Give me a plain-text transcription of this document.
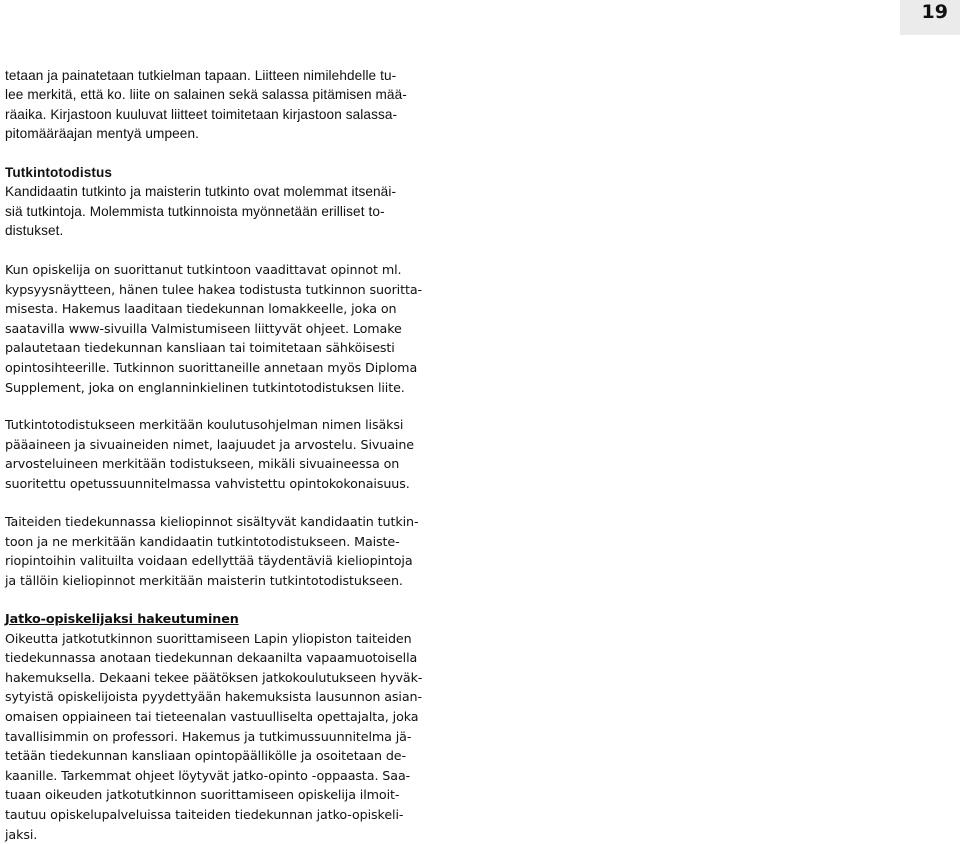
19
tetaan ja painatetaan tutkielman tapaan. Liitteen nimilehdelle tu-
lee merkitä, että ko. liite on salainen sekä salassa pitämisen mää-
räaika. Kirjastoon kuuluvat liitteet toimitetaan kirjastoon salassa-
pitomääräajan mentyä umpeen.
Tutkintotodistus
Kandidaatin tutkinto ja maisterin tutkinto ovat molemmat itsenäi-
siä tutkintoja. Molemmista tutkinnoista myönnetään erilliset to-
distukset.
Kun opiskelija on suorittanut tutkintoon vaadittavat opinnot ml.
kypsyysnäytteen, hänen tulee hakea todistusta tutkinnon suoritta-
misesta. Hakemus laaditaan tiedekunnan lomakkeelle, joka on
saatavilla www-sivuilla Valmistumiseen liittyvät ohjeet. Lomake
palautetaan tiedekunnan kansliaan tai toimitetaan sähköisesti
opintosihteerille. Tutkinnon suorittaneille annetaan myös Diploma
Supplement, joka on englanninkielinen tutkintotodistuksen liite.
Tutkintotodistukseen merkitään koulutusohjelman nimen lisäksi
pääaineen ja sivuaineiden nimet, laajuudet ja arvostelu. Sivuaine
arvosteluineen merkitään todistukseen, mikäli sivuaineessa on
suoritettu opetussuunnitelmassa vahvistettu opintokokonaisuus.
Taiteiden tiedekunnassa kieliopinnot sisältyvät kandidaatin tutkin-
toon ja ne merkitään kandidaatin tutkintotodistukseen. Maiste-
riopintoihin valituilta voidaan edellyttää täydentäviä kieliopintoja
ja tällöin kieliopinnot merkitään maisterin tutkintotodistukseen.
Jatko-opiskelijaksi hakeutuminen
Oikeutta jatkotutkinnon suorittamiseen Lapin yliopiston taiteiden
tiedekunnassa anotaan tiedekunnan dekaanilta vapaamuotoisella
hakemuksella. Dekaani tekee päätöksen jatkokoulutukseen hyväk-
sytyistä opiskelijoista pyydettyään hakemuksista lausunnon asian-
omaisen oppiaineen tai tieteenalan vastuulliselta opettajalta, joka
tavallisimmin on professori. Hakemus ja tutkimussuunnitelma jä-
tetään tiedekunnan kansliaan opintopäällikölle ja osoitetaan de-
kaanille. Tarkemmat ohjeet löytyvät jatko-opinto -oppaasta. Saa-
tuaan oikeuden jatkotutkinnon suorittamiseen opiskelija ilmoit-
tautuu opiskelupalveluissa taiteiden tiedekunnan jatko-opiskeli-
jaksi.
